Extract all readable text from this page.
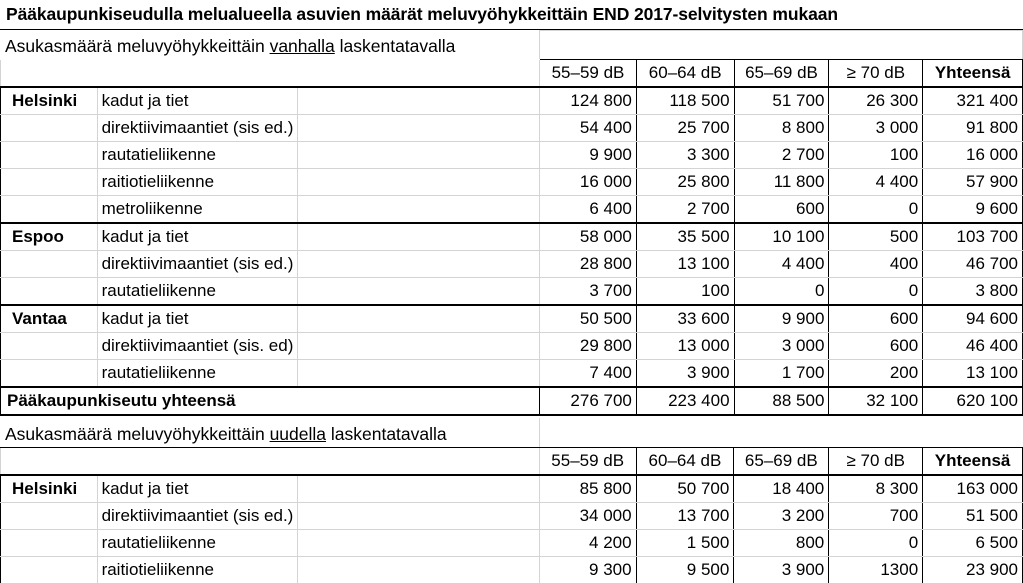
Pääkaupunkiseudulla melualueella asuvien määrät meluvyöhykkeittäin END 2017-selvitysten mukaan
Asukasmäärä meluvyöhykkeittäin vanhalla laskentatavalla							
			55–59 dB	60–64 dB	65–69 dB	≥ 70 dB	Yhteensä
Helsinki	kadut ja tiet		124 800	118 500	51 700	26 300	321 400
	direktiivimaantiet (sis ed.)		54 400	25 700	8 800	3 000	91 800
	rautatieliikenne		9 900	3 300	2 700	100	16 000
	raitiotieliikenne		16 000	25 800	11 800	4 400	57 900
	metroliikenne		6 400	2 700	600	0	9 600
Espoo	kadut ja tiet		58 000	35 500	10 100	500	103 700
	direktiivimaantiet (sis ed.)		28 800	13 100	4 400	400	46 700
	rautatieliikenne		3 700	100	0	0	3 800
Vantaa	kadut ja tiet		50 500	33 600	9 900	600	94 600
	direktiivimaantiet (sis. ed)		29 800	13 000	3 000	600	46 400
	rautatieliikenne		7 400	3 900	1 700	200	13 100
Pääkaupunkiseutu yhteensä			276 700	223 400	88 500	32 100	620 100
Asukasmäärä meluvyöhykkeittäin uudella laskentatavalla							
			55–59 dB	60–64 dB	65–69 dB	≥ 70 dB	Yhteensä
Helsinki	kadut ja tiet		85 800	50 700	18 400	8 300	163 000
	direktiivimaantiet (sis ed.)		34 000	13 700	3 200	700	51 500
	rautatieliikenne		4 200	1 500	800	0	6 500
	raitiotieliikenne		9 300	9 500	3 900	1300	23 900
